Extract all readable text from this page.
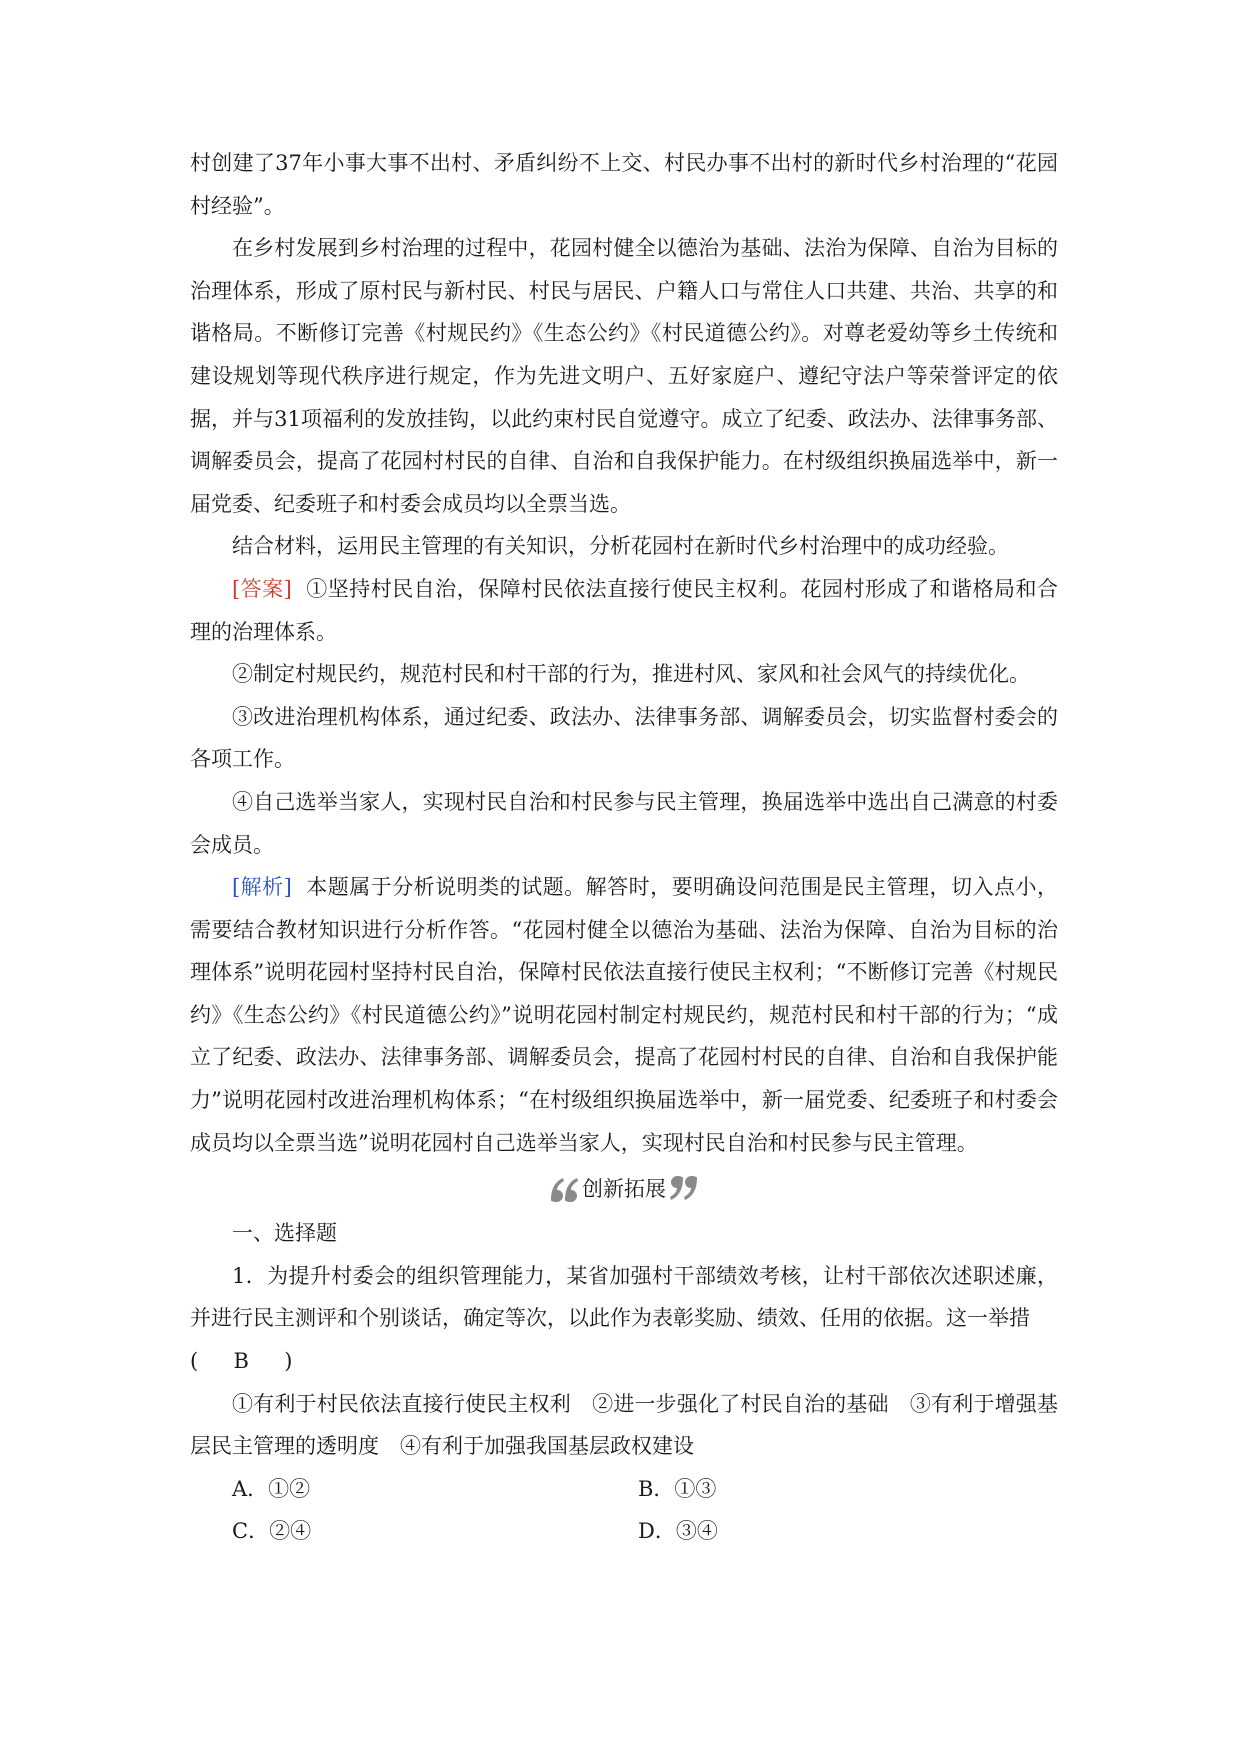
村创建了37年小事大事不出村、矛盾纠纷不上交、村民办事不出村的新时代乡村治理的“花园村经验”。

在乡村发展到乡村治理的过程中，花园村健全以德治为基础、法治为保障、自治为目标的治理体系，形成了原村民与新村民、村民与居民、户籍人口与常住人口共建、共治、共享的和谐格局。不断修订完善《村规民约》《生态公约》《村民道德公约》。对尊老爱幼等乡土传统和建设规划等现代秩序进行规定，作为先进文明户、五好家庭户、遵纪守法户等荣誉评定的依据，并与31项福利的发放挂钩，以此约束村民自觉遵守。成立了纪委、政法办、法律事务部、调解委员会，提高了花园村村民的自律、自治和自我保护能力。在村级组织换届选举中，新一届党委、纪委班子和村委会成员均以全票当选。

结合材料，运用民主管理的有关知识，分析花园村在新时代乡村治理中的成功经验。

[答案] ①坚持村民自治，保障村民依法直接行使民主权利。花园村形成了和谐格局和合理的治理体系。

②制定村规民约，规范村民和村干部的行为，推进村风、家风和社会风气的持续优化。

③改进治理机构体系，通过纪委、政法办、法律事务部、调解委员会，切实监督村委会的各项工作。

④自己选举当家人，实现村民自治和村民参与民主管理，换届选举中选出自己满意的村委会成员。

[解析] 本题属于分析说明类的试题。解答时，要明确设问范围是民主管理，切入点小，需要结合教材知识进行分析作答。“花园村健全以德治为基础、法治为保障、自治为目标的治理体系”说明花园村坚持村民自治，保障村民依法直接行使民主权利；“不断修订完善《村规民约》《生态公约》《村民道德公约》”说明花园村制定村规民约，规范村民和村干部的行为；“成立了纪委、政法办、法律事务部、调解委员会，提高了花园村村民的自律、自治和自我保护能力”说明花园村改进治理机构体系；“在村级组织换届选举中，新一届党委、纪委班子和村委会成员均以全票当选”说明花园村自己选举当家人，实现村民自治和村民参与民主管理。

创新拓展

一、选择题

1．为提升村委会的组织管理能力，某省加强村干部绩效考核，让村干部依次述职述廉，并进行民主测评和个别谈话，确定等次，以此作为表彰奖励、绩效、任用的依据。这一举措

( B )

①有利于村民依法直接行使民主权利　②进一步强化了村民自治的基础　③有利于增强基层民主管理的透明度　④有利于加强我国基层政权建设

A．①②	B．①③
C．②④	D．③④
